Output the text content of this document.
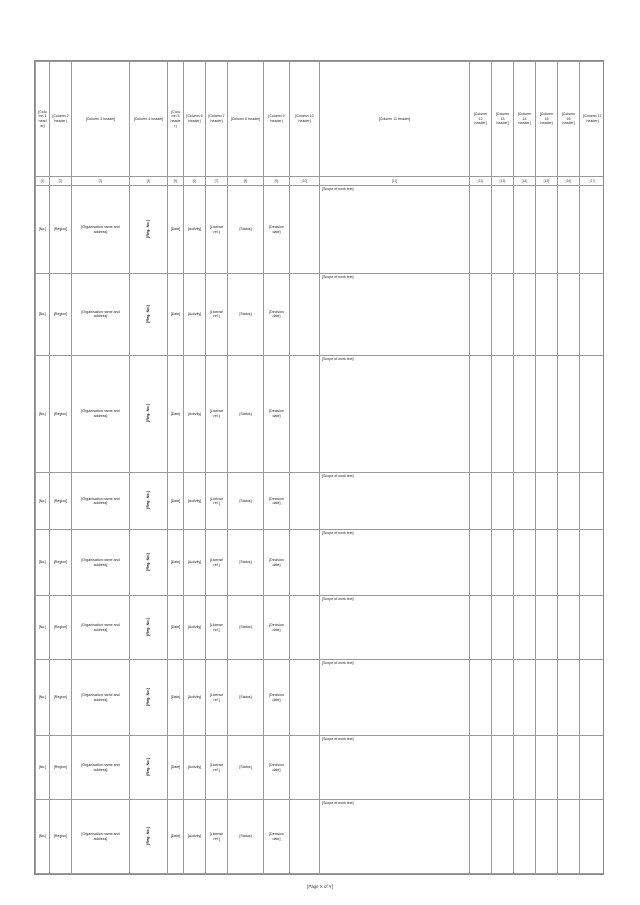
[Column 1 header]	[Column 2 header]	[Column 3 header]	[Column 4 header]	[Column 5 header]	[Column 6 header]	[Column 7 header]	[Column 8 header]	[Column 9 header]	[Column 10 header]	[Column 11 header]	[Column 12 header]	[Column 13 header]	[Column 14 header]	[Column 15 header]	[Column 16 header]	[Column 17 header]
[1]	[2]	[3]	[4]	[5]	[6]	[7]	[8]	[9]	[10]	[11]	[12]	[13]	[14]	[15]	[16]	[17]
[No.]	[Region]	[Organisation name and address]	[Reg. No.]	[Date]	[Activity]	[License ref.]	[Status]	[Decision date]		[Scope of work text]						
[No.]	[Region]	[Organisation name and address]	[Reg. No.]	[Date]	[Activity]	[License ref.]	[Status]	[Decision date]		[Scope of work text]						
[No.]	[Region]	[Organisation name and address]	[Reg. No.]	[Date]	[Activity]	[License ref.]	[Status]	[Decision date]		[Scope of work text]						
[No.]	[Region]	[Organisation name and address]	[Reg. No.]	[Date]	[Activity]	[License ref.]	[Status]	[Decision date]		[Scope of work text]						
[No.]	[Region]	[Organisation name and address]	[Reg. No.]	[Date]	[Activity]	[License ref.]	[Status]	[Decision date]		[Scope of work text]						
[No.]	[Region]	[Organisation name and address]	[Reg. No.]	[Date]	[Activity]	[License ref.]	[Status]	[Decision date]		[Scope of work text]						
[No.]	[Region]	[Organisation name and address]	[Reg. No.]	[Date]	[Activity]	[License ref.]	[Status]	[Decision date]		[Scope of work text]						
[No.]	[Region]	[Organisation name and address]	[Reg. No.]	[Date]	[Activity]	[License ref.]	[Status]	[Decision date]		[Scope of work text]						
[No.]	[Region]	[Organisation name and address]	[Reg. No.]	[Date]	[Activity]	[License ref.]	[Status]	[Decision date]		[Scope of work text]						
[Page X of Y]
